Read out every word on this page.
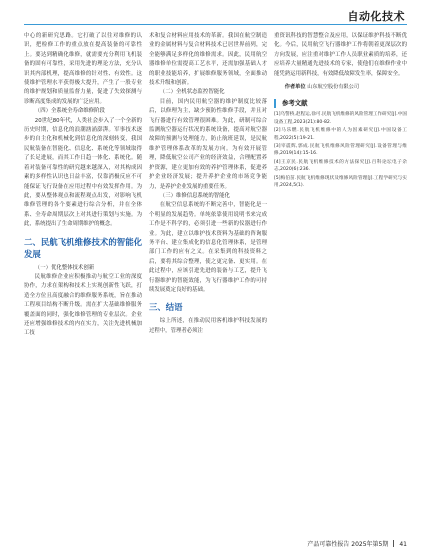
自动化技术

中心的新研究思路。它打破了以往对维修的认识，把检修工作的重点放在提高装备的可靠性上。要达到精确化维修，就需要充分利用飞机装备的固有可靠性，采用先进的理论方法，充分认识其内部机理，提高维修的针对性、有效性。这使维护管理水平获得极大提升，产生了一股专业的维护规划和质量监督力量，促进了失效探测与诊断高度集成的发展的广泛应用。

（四）全系统全寿命维修阶段

20世纪80年代，人类社会步入了一个全新的历史时期，信息化的浪潮汹涌澎湃。军事技术逐步的自主化和机械化到信息化的深刻转变，我国民航装备在智能化、信息化、系统化等领域取得了长足进展，而其工作日趋一体化、系统化。随着对装备可靠性的研究越来越深入，对其构成因素的多样性认识也日益丰富，仅靠消极反应不可能保证飞行设备在应用过程中有效发挥作用。为此，要从整体观点和流程观点出发，对影响飞机维修管理的各个要素进行综合分析，并在全体系、全寿命周期层次上对其进行策划与实施。为此，系统提出了生命周期维护的概念。

二、民航飞机维修技术的智能化发展

（一）优化整体技术创新

民航维修企业应积极推动与航空工业的深度协作，力求在架构和技术上实现创新性飞跃，打造全方位且高度融合的维修服务系统，旨在推动工程项目结构不断升级。需在扩大基础维修服务覆盖面的同时，强化维修管理的专业层次。企业还应增强维修技术的内在实力，关注先进机械加工技

术和复合材料应用技术的革新。我国在航空制造业的金属材料与复合材料技术已居世界前列，完全能够满足多样化的维修需求。因此，民用航空器维修单位需提高工艺水平，还需加强基础人才的职业技能培养，扩展维修服务领域，全面推动技术升级和创新。

（二）全机状态监控智能化

目前，国内民用航空器的维护制度比较落后，以修理为主，缺少预防性维修手段，并且对飞行器进行有效管理很困难。为此，研制可综合监测航空器运行状况的系统设备，提高对航空器故障的预测与处理能力，防止航班延误，是民航维护管理体系改革的发展方向。为有效开展管理，降低航空公司产业的经济效益，合理配置养护资源，建立更加有效的养护管理体系，促进养护企业经济发展；提升养护企业的市场竞争能力，是养护企业发展的重要任务。

（三）维修信息系统的智能化

在航空信息系统的不断完善中，智能化是一个明显的发展趋势。单纯依靠使用说明书来完成工作是不科学的，必须引进一些新的仪器进行作业。为此，建立以维护技术资料为基础的咨询服务平台、建立集成化的信息化管理体系，是管理部门工作的应有之义。在采集到的科技资料之后，要将其综合整理，使之更完备、更实用。在此过程中，应该引进先进的装备与工艺，提升飞行器维护的智能效能，为飞行器维护工作的可持续发展奠定良好的基础。

三、结语

综上所述，在推动民用客机维护科技发展的过程中，管理者必须注

重资讯科技的智慧整合及应用，以保证维护科技不断优化。今后，民用航空飞行器维护工作将朝着更深层次的方向发展，应注重对维护工作人员职业素质的培养，还应培养大量精通先进技术的专家，使他们在维修作业中能凭熟运用新科技，有效降低故障发生率，保障安全。

作者单位 山东航空股份有限公司

参考文献
[1]乌警桥,赵程运,徐可.民航飞机维修的风险管理工作研究[J].中国设备工程,2023(21):80-82.
[2]马乐燃.民航飞机维修中的人为因素研究[J].中国设备工程,2022(5):19-21.
[3]宰震辉,郭成.民航飞机维修风险管理研究[J].设备管理与维修,2019(14):15-16.
[4]王京民.民航飞机维修技术的方法探究[J].百科论坛电子杂志,2020(6):236.
[5]梅伯苗.民航飞机维修现状及维修风险管理[J].工程学研究与实用,2024,5(1).
产品可靠性报告 2025年第5期 41
